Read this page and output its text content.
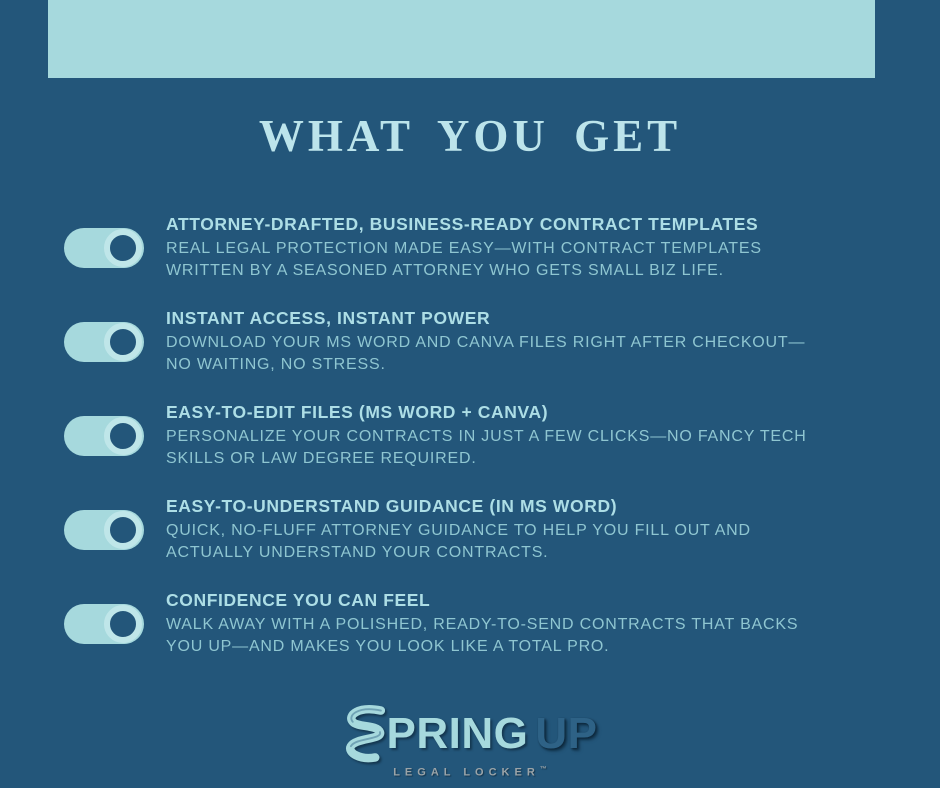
WHAT YOU GET
ATTORNEY-DRAFTED, BUSINESS-READY CONTRACT TEMPLATES
REAL LEGAL PROTECTION MADE EASY—WITH CONTRACT TEMPLATES WRITTEN BY A SEASONED ATTORNEY WHO GETS SMALL BIZ LIFE.
INSTANT ACCESS, INSTANT POWER
DOWNLOAD YOUR MS WORD AND CANVA FILES RIGHT AFTER CHECKOUT—NO WAITING, NO STRESS.
EASY-TO-EDIT FILES (MS WORD + CANVA)
PERSONALIZE YOUR CONTRACTS IN JUST A FEW CLICKS—NO FANCY TECH SKILLS OR LAW DEGREE REQUIRED.
EASY-TO-UNDERSTAND GUIDANCE (IN MS WORD)
QUICK, NO-FLUFF ATTORNEY GUIDANCE TO HELP YOU FILL OUT AND ACTUALLY UNDERSTAND YOUR CONTRACTS.
CONFIDENCE YOU CAN FEEL
WALK AWAY WITH A POLISHED, READY-TO-SEND CONTRACTS THAT BACKS YOU UP—AND MAKES YOU LOOK LIKE A TOTAL PRO.
PRING UP
LEGAL LOCKER™
